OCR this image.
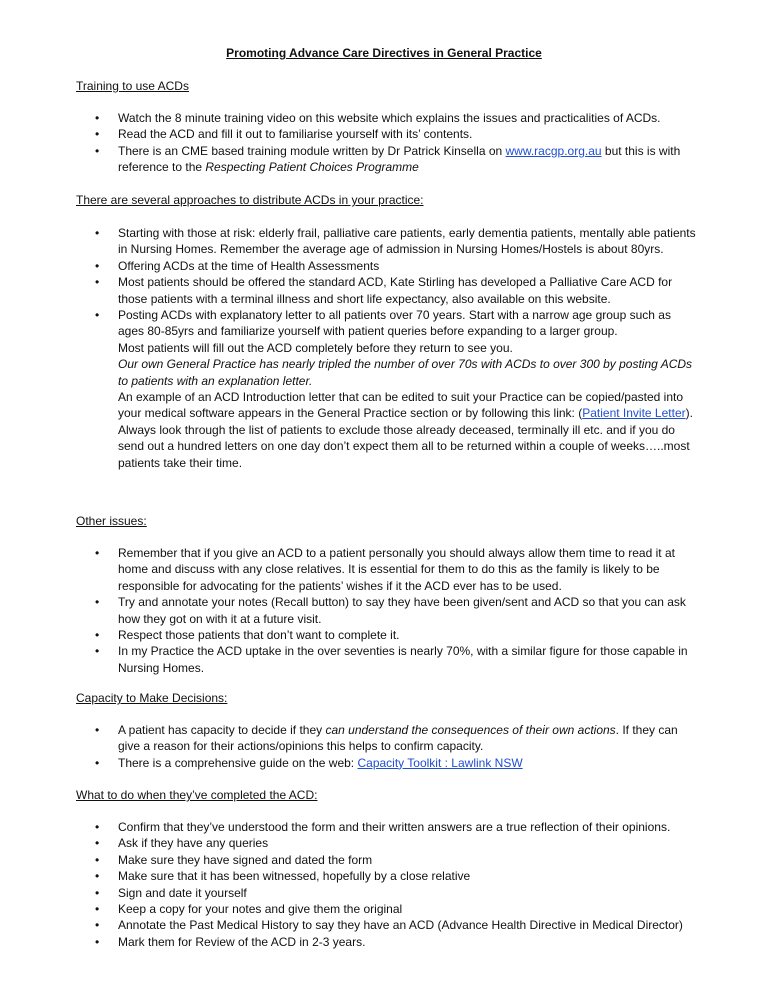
Promoting Advance Care Directives in General Practice
Training to use ACDs
• Watch the 8 minute training video on this website which explains the issues and practicalities of ACDs.
• Read the ACD and fill it out to familiarise yourself with its’ contents.
• There is an CME based training module written by Dr Patrick Kinsella on www.racgp.org.au but this is with reference to the Respecting Patient Choices Programme
There are several approaches to distribute ACDs in your practice:
• Starting with those at risk: elderly frail, palliative care patients, early dementia patients, mentally able patients in Nursing Homes. Remember the average age of admission in Nursing Homes/Hostels is about 80yrs.
• Offering ACDs at the time of Health Assessments
• Most patients should be offered the standard ACD, Kate Stirling has developed a Palliative Care ACD for those patients with a terminal illness and short life expectancy, also available on this website.
• Posting ACDs with explanatory letter to all patients over 70 years. Start with a narrow age group such as ages 80-85yrs and familiarize yourself with patient queries before expanding to a larger group.
Most patients will fill out the ACD completely before they return to see you.
Our own General Practice has nearly tripled the number of over 70s with ACDs to over 300 by posting ACDs to patients with an explanation letter.
An example of an ACD Introduction letter that can be edited to suit your Practice can be copied/pasted into your medical software appears in the General Practice section or by following this link: (Patient Invite Letter).
Always look through the list of patients to exclude those already deceased, terminally ill etc. and if you do send out a hundred letters on one day don’t expect them all to be returned within a couple of weeks…..most patients take their time.
Other issues:
• Remember that if you give an ACD to a patient personally you should always allow them time to read it at home and discuss with any close relatives. It is essential for them to do this as the family is likely to be responsible for advocating for the patients’ wishes if it the ACD ever has to be used.
• Try and annotate your notes (Recall button) to say they have been given/sent and ACD so that you can ask how they got on with it at a future visit.
• Respect those patients that don’t want to complete it.
• In my Practice the ACD uptake in the over seventies is nearly 70%, with a similar figure for those capable in Nursing Homes.
Capacity to Make Decisions:
• A patient has capacity to decide if they can understand the consequences of their own actions. If they can give a reason for their actions/opinions this helps to confirm capacity.
• There is a comprehensive guide on the web: Capacity Toolkit : Lawlink NSW
What to do when they’ve completed the ACD:
• Confirm that they’ve understood the form and their written answers are a true reflection of their opinions.
• Ask if they have any queries
• Make sure they have signed and dated the form
• Make sure that it has been witnessed, hopefully by a close relative
• Sign and date it yourself
• Keep a copy for your notes and give them the original
• Annotate the Past Medical History to say they have an ACD (Advance Health Directive in Medical Director)
• Mark them for Review of the ACD in 2-3 years.
